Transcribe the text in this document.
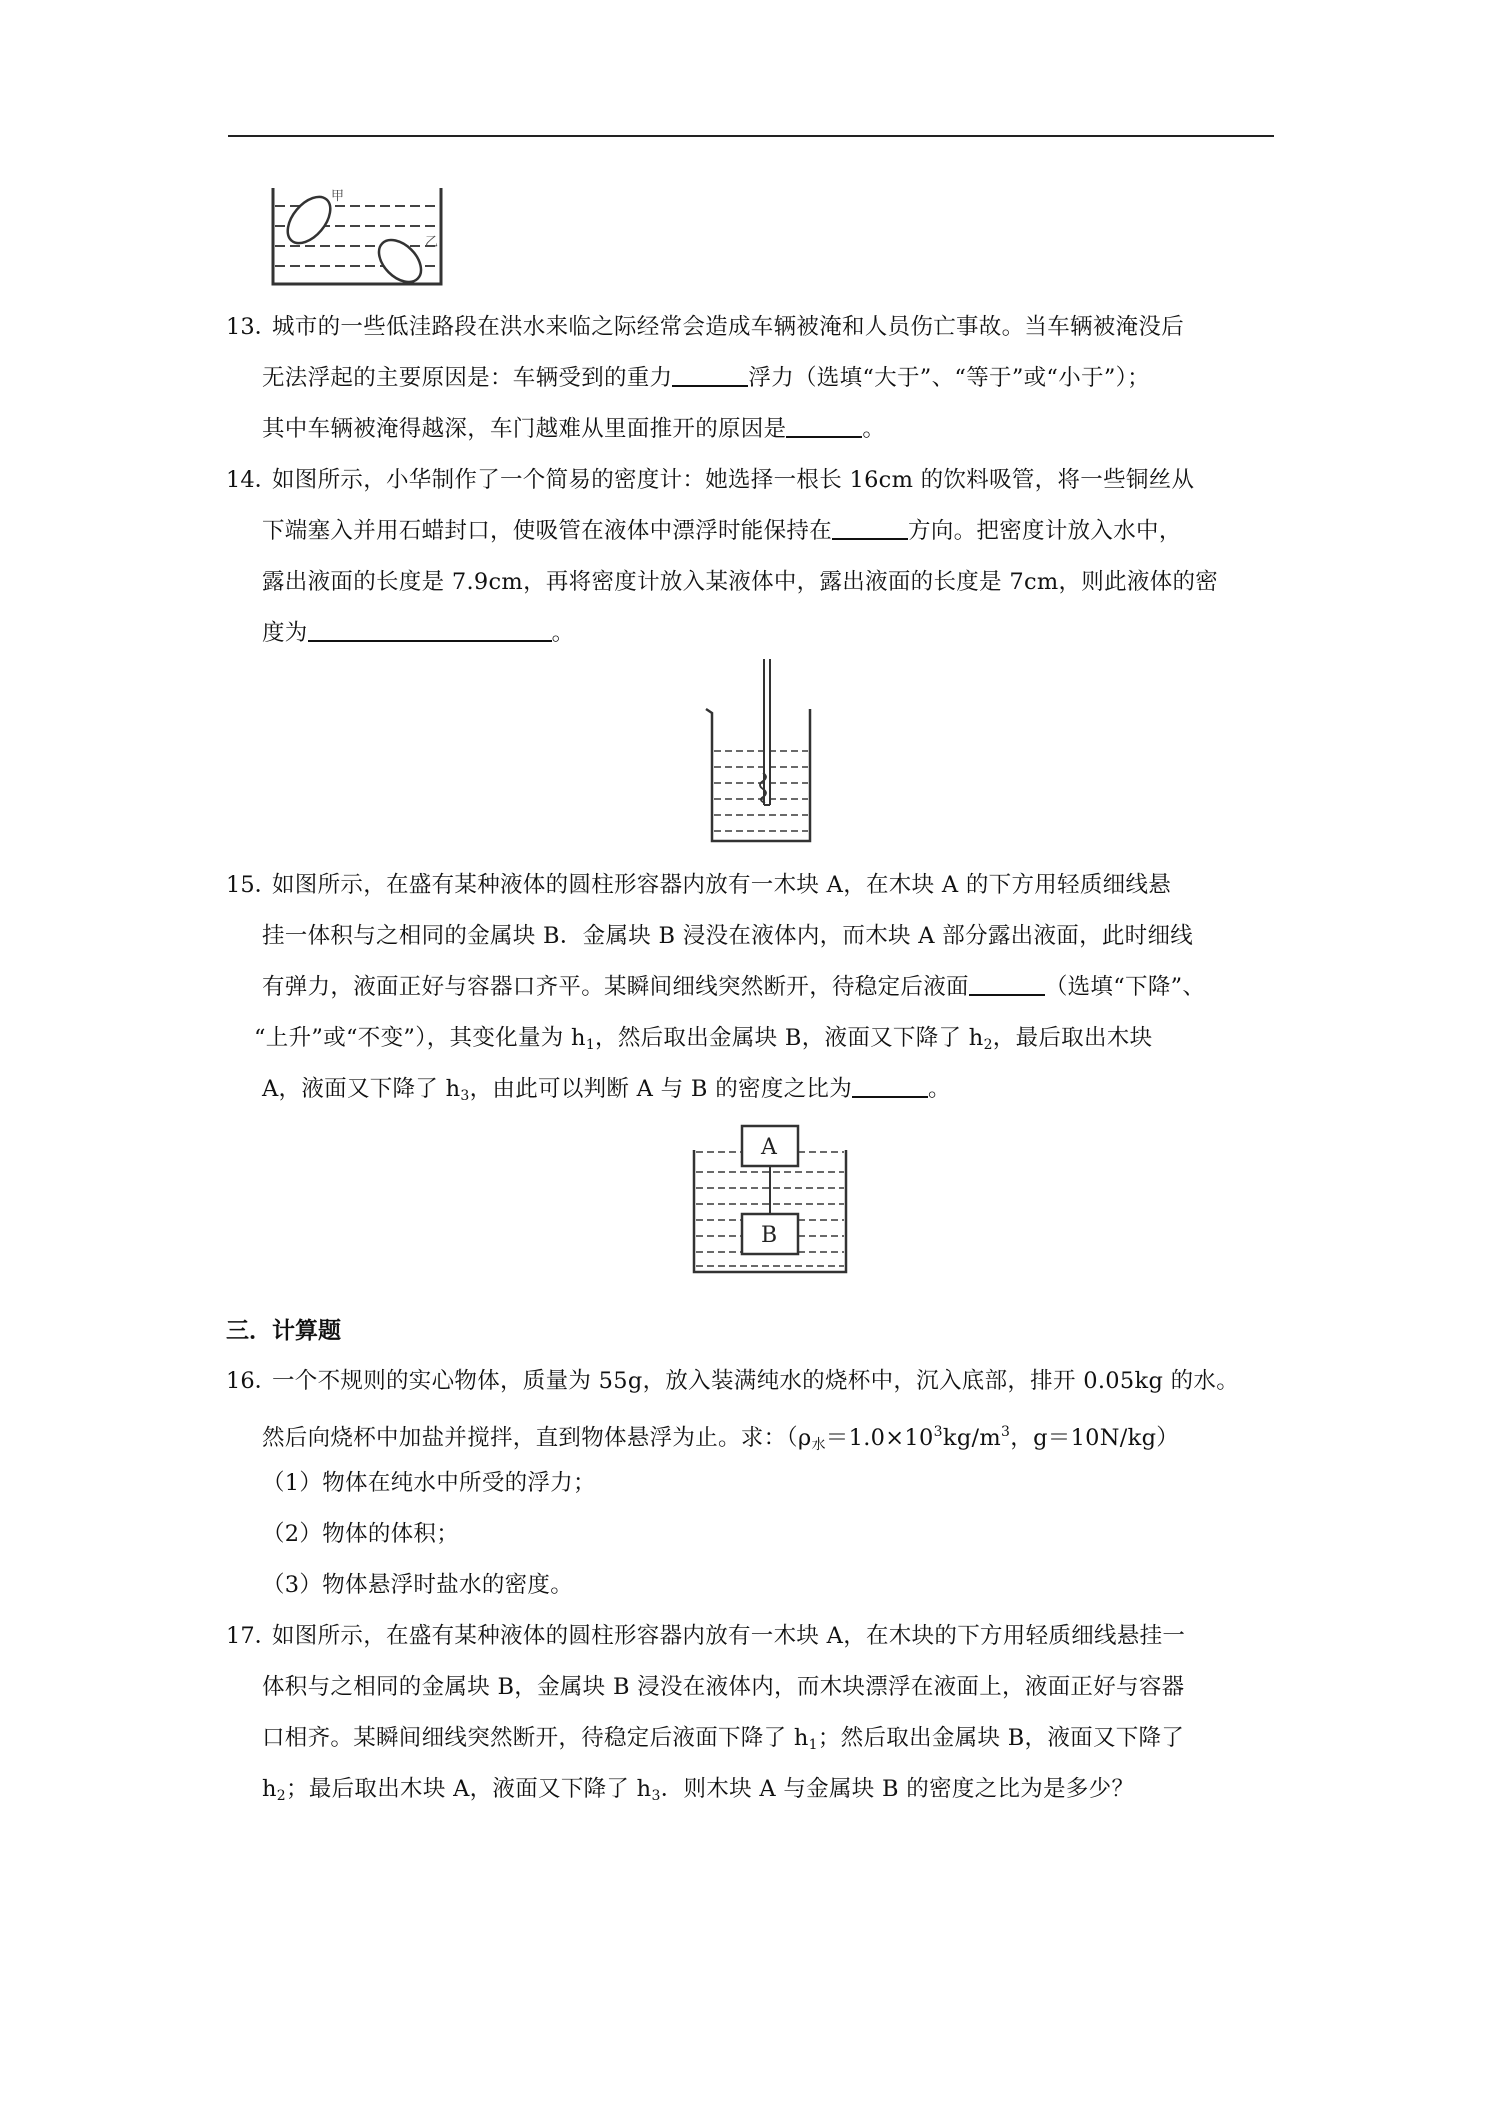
甲
乙
13．
城市的一些低洼路段在洪水来临之际经常会造成车辆被淹和人员伤亡事故。当车辆被淹没后
无法浮起的主要原因是：车辆受到的重力	浮力（选填“大于”、“等于”或“小于”）；
其中车辆被淹得越深，车门越难从里面推开的原因是	。
14．
如图所示，小华制作了一个简易的密度计：她选择一根长 16cm 的饮料吸管，将一些铜丝从
下端塞入并用石蜡封口，使吸管在液体中漂浮时能保持在	方向。把密度计放入水中，
露出液面的长度是 7.9cm，再将密度计放入某液体中，露出液面的长度是 7cm，则此液体的密
度为	。
15．
如图所示，在盛有某种液体的圆柱形容器内放有一木块 A，在木块 A 的下方用轻质细线悬
挂一体积与之相同的金属块 B．金属块 B 浸没在液体内，而木块 A 部分露出液面，此时细线
有弹力，液面正好与容器口齐平。某瞬间细线突然断开，待稳定后液面	（选填“下降”、
“上升”或“不变”），其变化量为 $h_1$，然后取出金属块 B，液面又下降了 $h_2$，最后取出木块
A，液面又下降了 $h_3$，由此可以判断 A 与 B 的密度之比为	。
A
B
三．计算题
16．
一个不规则的实心物体，质量为 55g，放入装满纯水的烧杯中，沉入底部，排开 0.05kg 的水。
然后向烧杯中加盐并搅拌，直到物体悬浮为止。求：（$\rho_水=1.0\times 10^3kg/m^3$，g＝10N/kg）
（1）物体在纯水中所受的浮力；
（2）物体的体积；
（3）物体悬浮时盐水的密度。
17．
如图所示，在盛有某种液体的圆柱形容器内放有一木块 A，在木块的下方用轻质细线悬挂一
体积与之相同的金属块 B，金属块 B 浸没在液体内，而木块漂浮在液面上，液面正好与容器
口相齐。某瞬间细线突然断开，待稳定后液面下降了 $h_1$；然后取出金属块 B，液面又下降了
$h_2$；最后取出木块 A，液面又下降了 $h_3$．则木块 A 与金属块 B 的密度之比为是多少？
